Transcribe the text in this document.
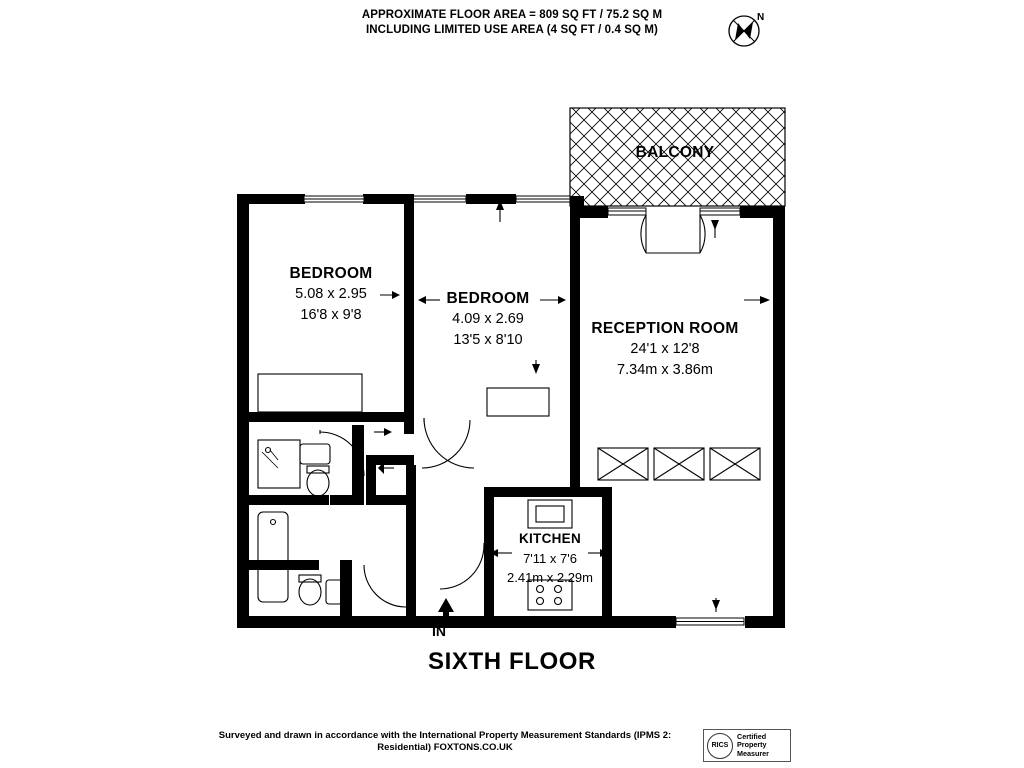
APPROXIMATE FLOOR AREA = 809 SQ FT / 75.2 SQ M
INCLUDING LIMITED USE AREA (4 SQ FT / 0.4 SQ M)
N
BALCONY
BEDROOM
5.08 x 2.95
16'8 x 9'8
BEDROOM
4.09 x 2.69
13'5 x 8'10
RECEPTION ROOM
24'1 x 12'8
7.34m x 3.86m
KITCHEN
7'11 x 7'6
2.41m x 2.29m
IN
SIXTH FLOOR
Surveyed and drawn in accordance with the International Property Measurement Standards (IPMS 2:
Residential) FOXTONS.CO.UK	RICS
Certified
Property
Measurer
